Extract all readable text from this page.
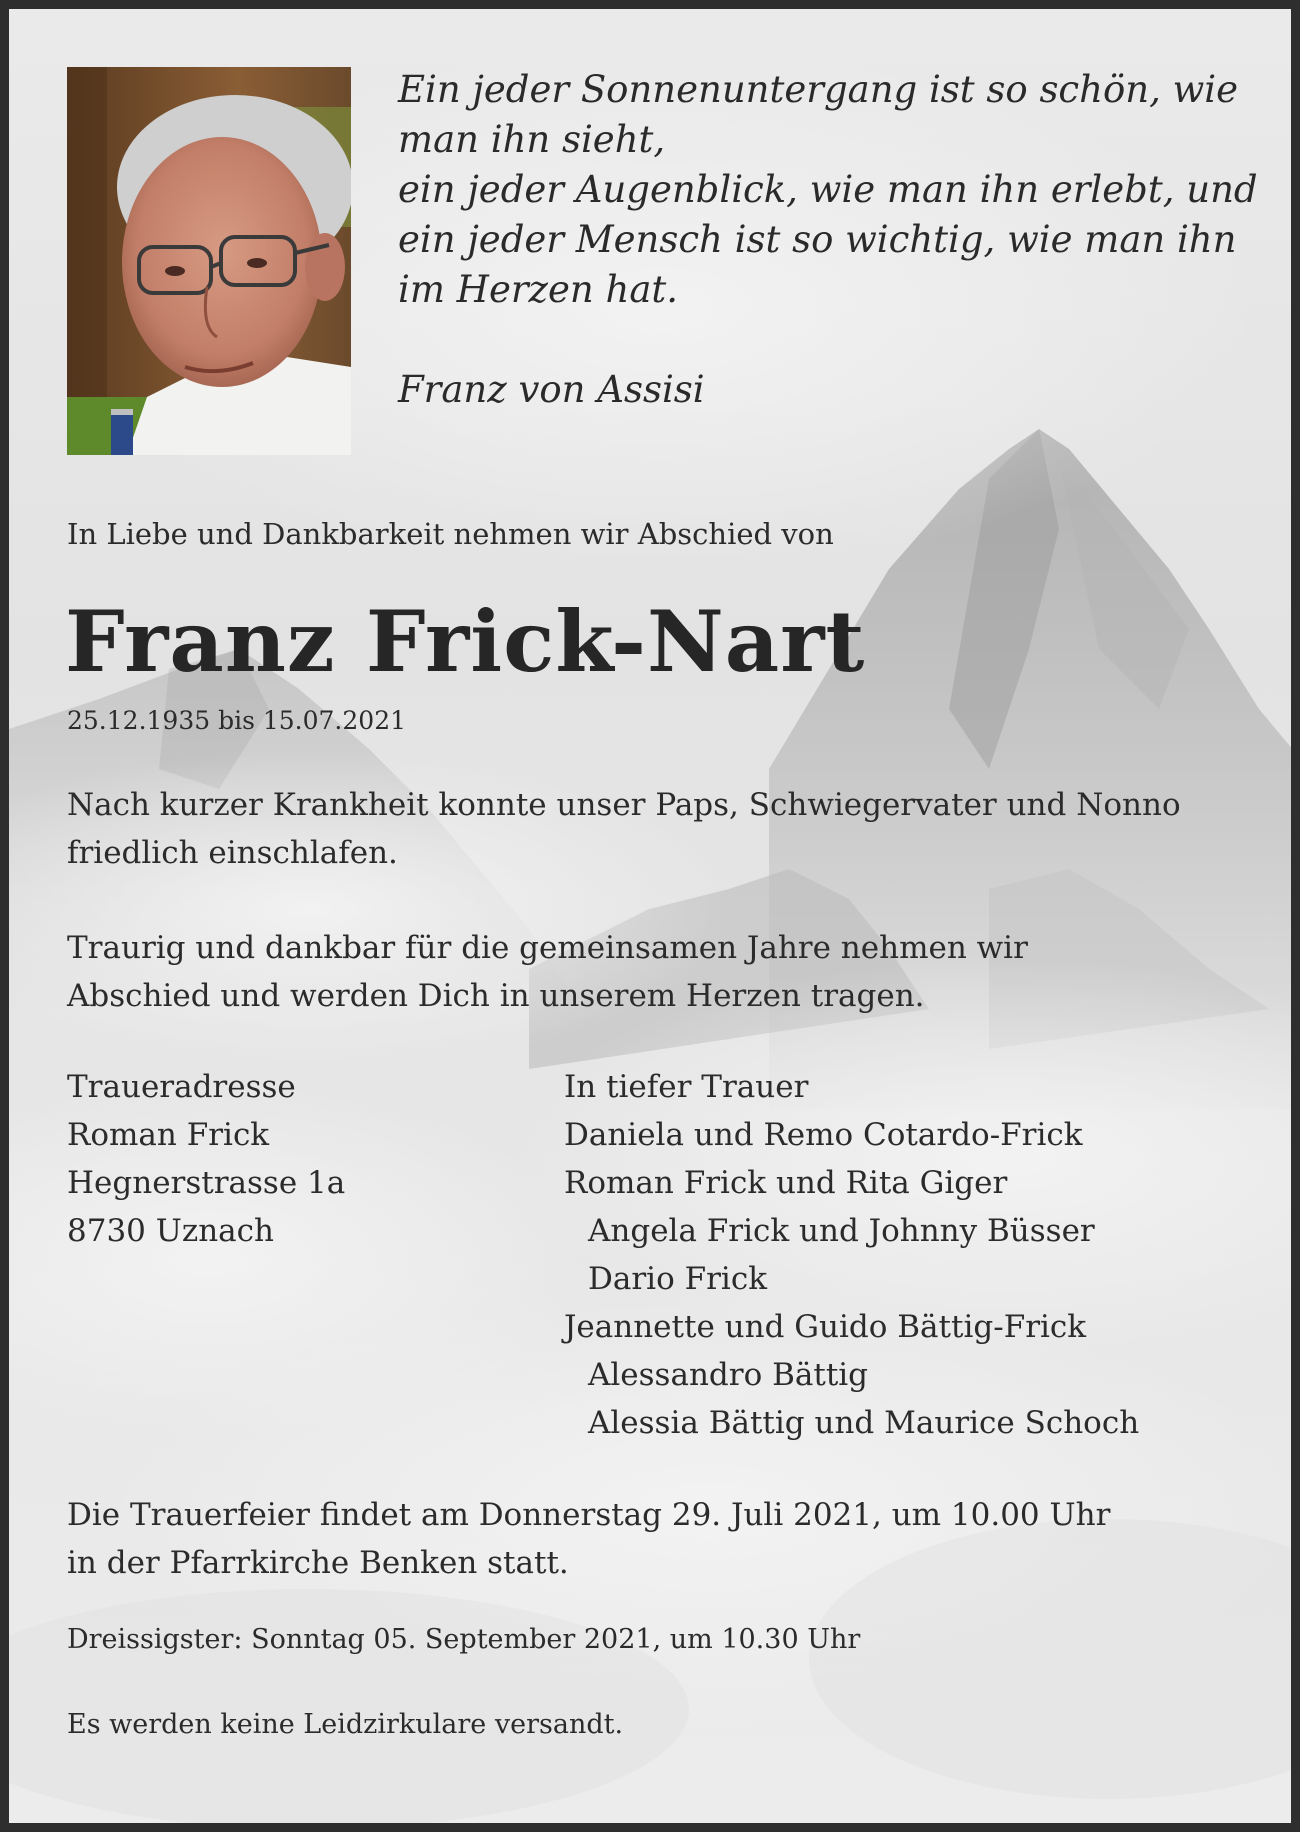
Ein jeder Sonnenuntergang ist so schön, wie
man ihn sieht,
ein jeder Augenblick, wie man ihn erlebt, und
ein jeder Mensch ist so wichtig, wie man ihn
im Herzen hat.
Franz von Assisi
In Liebe und Dankbarkeit nehmen wir Abschied von
Franz Frick-Nart
25.12.1935 bis 15.07.2021
Nach kurzer Krankheit konnte unser Paps, Schwiegervater und Nonno
friedlich einschlafen.
Traurig und dankbar für die gemeinsamen Jahre nehmen wir
Abschied und werden Dich in unserem Herzen tragen.
Traueradresse
Roman Frick
Hegnerstrasse 1a
8730 Uznach
In tiefer Trauer
Daniela und Remo Cotardo-Frick
Roman Frick und Rita Giger
Angela Frick und Johnny Büsser
Dario Frick
Jeannette und Guido Bättig-Frick
Alessandro Bättig
Alessia Bättig und Maurice Schoch
Die Trauerfeier findet am Donnerstag 29. Juli 2021, um 10.00 Uhr
in der Pfarrkirche Benken statt.
Dreissigster: Sonntag 05. September 2021, um 10.30 Uhr
Es werden keine Leidzirkulare versandt.
